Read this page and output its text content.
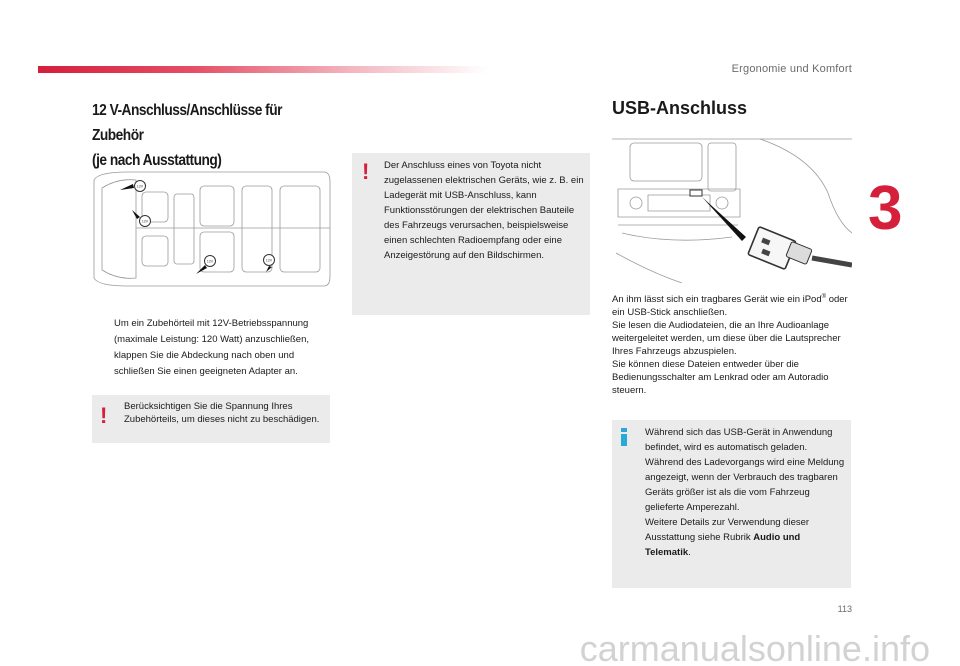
Ergonomie und Komfort
3
12 V-Anschluss/Anschlüsse für Zubehör
(je nach Ausstattung)
12V
12V
12V	12V
Um ein Zubehörteil mit 12V-Betriebsspannung (maximale Leistung: 120 Watt) anzuschließen, klappen Sie die Abdeckung nach oben und schließen Sie einen geeigneten Adapter an.
! Berücksichtigen Sie die Spannung Ihres Zubehörteils, um dieses nicht zu beschädigen.
! Der Anschluss eines von Toyota nicht zugelassenen elektrischen Geräts, wie z. B. ein Ladegerät mit USB-Anschluss, kann Funktionsstörungen der elektrischen Bauteile des Fahrzeugs verursachen, beispielsweise einen schlechten Radioempfang oder eine Anzeigestörung auf den Bildschirmen.
USB-Anschluss
An ihm lässt sich ein tragbares Gerät wie ein iPod® oder ein USB-Stick anschließen.
Sie lesen die Audiodateien, die an Ihre Audioanlage weitergeleitet werden, um diese über die Lautsprecher Ihres Fahrzeugs abzuspielen.
Sie können diese Dateien entweder über die Bedienungsschalter am Lenkrad oder am Autoradio steuern.
Während sich das USB-Gerät in Anwendung befindet, wird es automatisch geladen.
Während des Ladevorgangs wird eine Meldung angezeigt, wenn der Verbrauch des tragbaren Geräts größer ist als die vom Fahrzeug gelieferte Amperezahl.
Weitere Details zur Verwendung dieser Ausstattung siehe Rubrik Audio und Telematik.
113
carmanualsonline.info
